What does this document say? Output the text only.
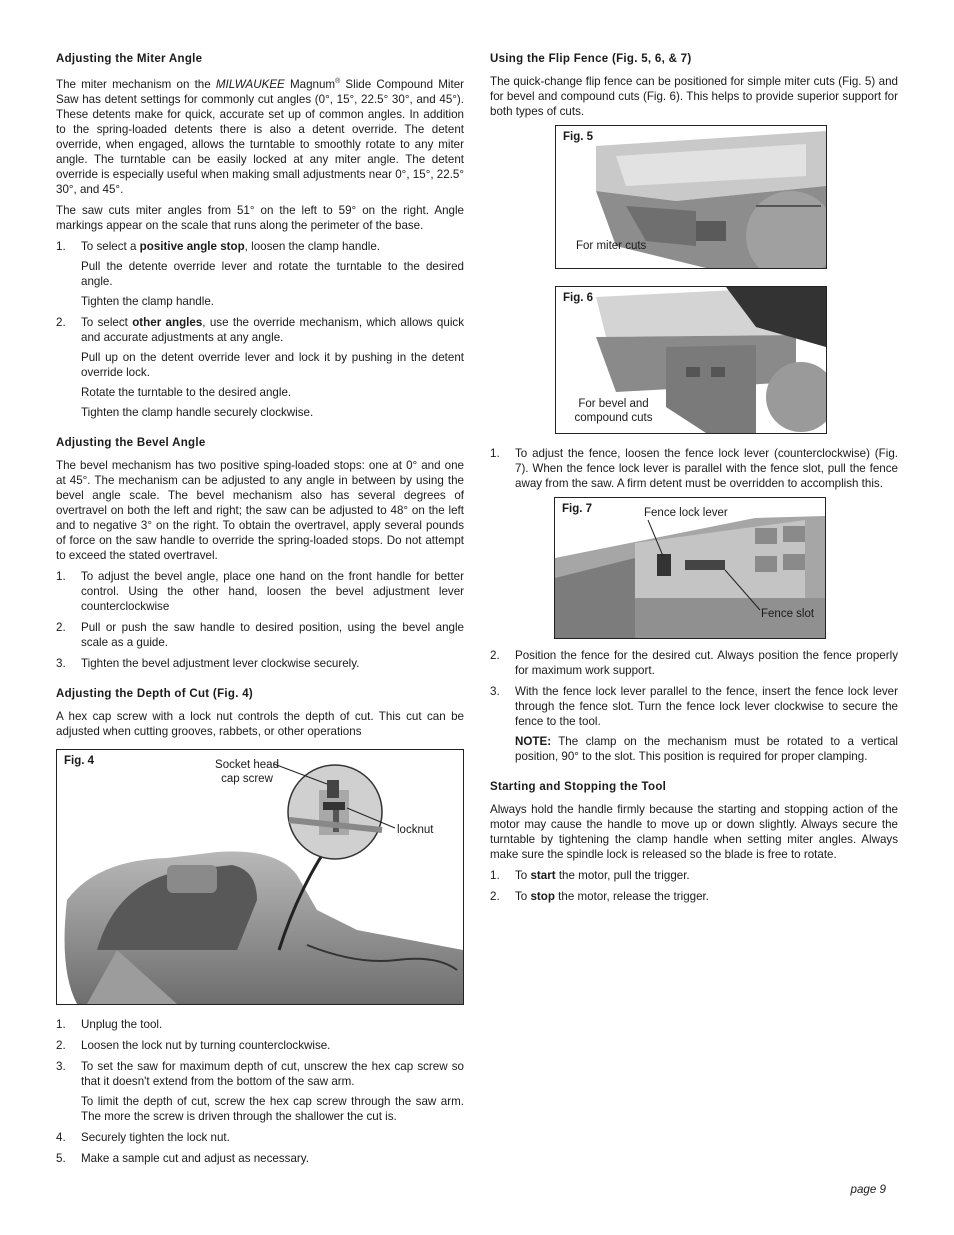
Adjusting the Miter Angle

The miter mechanism on the MILWAUKEE Magnum® Slide Compound Miter Saw has detent settings for commonly cut angles (0°, 15°, 22.5° 30°, and 45°). These detents make for quick, accurate set up of common angles. In addition to the spring-loaded detents there is also a detent override. The detent override, when engaged, allows the turntable to smoothly rotate to any miter angle. The turntable can be easily locked at any miter angle. The detent override is especially useful when making small adjustments near 0°, 15°, 22.5° 30°, and 45°.

The saw cuts miter angles from 51° on the left to 59° on the right. Angle markings appear on the scale that runs along the perimeter of the base.

1. To select a positive angle stop, loosen the clamp handle.

Pull the detente override lever and rotate the turntable to the desired angle.

Tighten the clamp handle.

2. To select other angles, use the override mechanism, which allows quick and accurate adjustments at any angle.

Pull up on the detent override lever and lock it by pushing in the detent override lock.

Rotate the turntable to the desired angle.

Tighten the clamp handle securely clockwise.

Adjusting the Bevel Angle

The bevel mechanism has two positive sping-loaded stops: one at 0° and one at 45°. The mechanism can be adjusted to any angle in between by using the bevel angle scale. The bevel mechanism also has several degrees of overtravel on both the left and right; the saw can be adjusted to 48° on the left and to negative 3° on the right. To obtain the overtravel, apply several pounds of force on the saw handle to override the spring-loaded stops. Do not attempt to exceed the stated overtravel.

1. To adjust the bevel angle, place one hand on the front handle for better control. Using the other hand, loosen the bevel adjustment lever counterclockwise
2. Pull or push the saw handle to desired position, using the bevel angle scale as a guide.
3. Tighten the bevel adjustment lever clockwise securely.
Adjusting the Depth of Cut (Fig. 4)

A hex cap screw with a lock nut controls the depth of cut. This cut can be adjusted when cutting grooves, rabbets, or other operations

Fig. 4	Socket head cap screw
locknut
1. Unplug the tool.
2. Loosen the lock nut by turning counterclockwise.
3. To set the saw for maximum depth of cut, unscrew the hex cap screw so that it doesn't extend from the bottom of the saw arm.

To limit the depth of cut, screw the hex cap screw through the saw arm. The more the screw is driven through the shallower the cut is.

4. Securely tighten the lock nut.
5. Make a sample cut and adjust as necessary.
Using the Flip Fence (Fig. 5, 6, & 7)

The quick-change flip fence can be positioned for simple miter cuts (Fig. 5) and for bevel and compound cuts (Fig. 6). This helps to provide superior support for both types of cuts.

Fig. 5
For miter cuts
Fig. 6
For bevel and compound cuts
1. To adjust the fence, loosen the fence lock lever (counterclockwise) (Fig. 7). When the fence lock lever is parallel with the fence slot, pull the fence away from the saw. A firm detent must be overridden to accomplish this.
Fig. 7	Fence lock lever
Fence slot
2. Position the fence for the desired cut. Always position the fence properly for maximum work support.
3. With the fence lock lever parallel to the fence, insert the fence lock lever through the fence slot. Turn the fence lock lever clockwise to secure the fence to the tool.

NOTE: The clamp on the mechanism must be rotated to a vertical position, 90° to the slot. This position is required for proper clamping.

Starting and Stopping the Tool

Always hold the handle firmly because the starting and stopping action of the motor may cause the handle to move up or down slightly. Always secure the turntable by tightening the clamp handle when setting miter angles. Always make sure the spindle lock is released so the blade is free to rotate.

1. To start the motor, pull the trigger.
2. To stop the motor, release the trigger.
page 9
